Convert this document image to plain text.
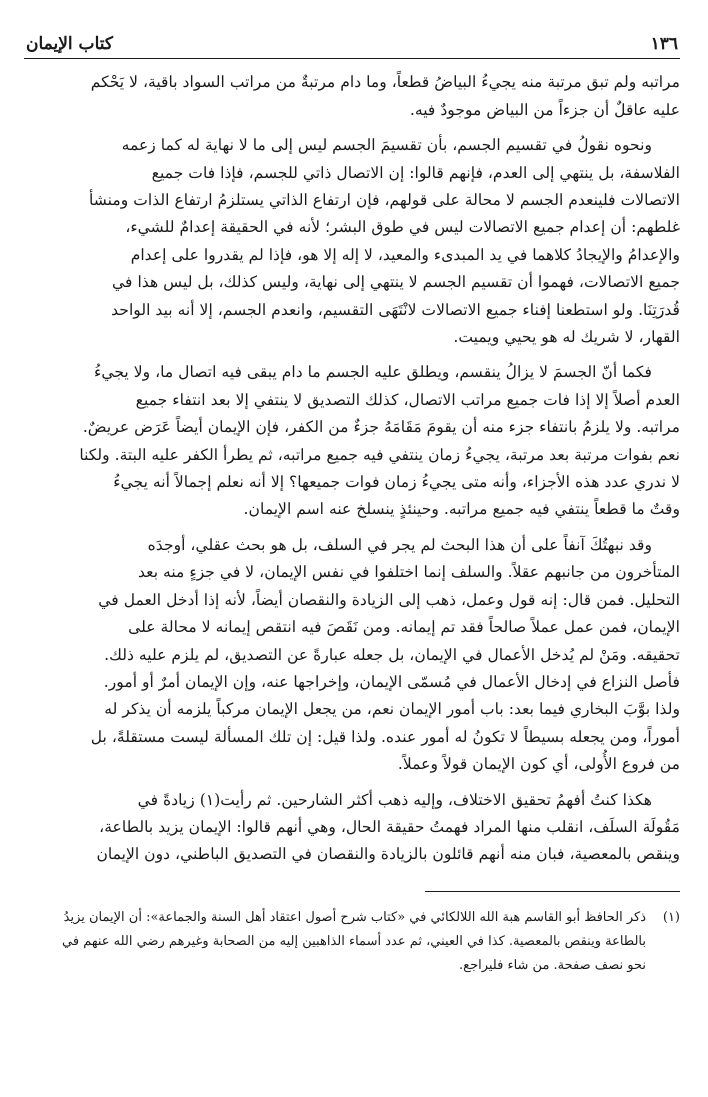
١٣٦
كتاب الإيمان

مراتبه ولم تبق مرتبة منه يجيءُ البياضُ قطعاً، وما دام مرتبةٌ من مراتب السواد باقية، لا يَحْكم
عليه عاقلٌ أن جزءاً من البياض موجودٌ فيه.

ونحوه نقولُ في تقسيم الجسم، بأن تقسيمَ الجسم ليس إلى ما لا نهاية له كما زعمه
الفلاسفة، بل ينتهي إلى العدم، فإنهم قالوا: إن الاتصال ذاتي للجسم، فإذا فات جميع
الاتصالات فلينعدم الجسم لا محالة على قولهم، فإن ارتفاع الذاتي يستلزمُ ارتفاع الذات ومنشأ
غلطهم: أن إعدام جميع الاتصالات ليس في طوق البشر؛ لأنه في الحقيقة إعدامٌ للشيء،
والإعدامُ والإيجادُ كلاهما في يد المبدىء والمعيد، لا إله إلا هو، فإذا لم يقدروا على إعدام
جميع الاتصالات، فهموا أن تقسيم الجسم لا ينتهي إلى نهاية، وليس كذلك، بل ليس هذا في
قُدرَتِنَا. ولو استطعنا إفناء جميع الاتصالات لانْتَهَى التقسيم، وانعدم الجسم، إلا أنه بيد الواحد
القهار، لا شريك له هو يحيي ويميت.

فكما أنّ الجسمَ لا يزالُ ينقسم، ويطلق عليه الجسم ما دام يبقى فيه اتصال ما، ولا يجيءُ
العدم أصلاً إلا إذا فات جميع مراتب الاتصال، كذلك التصديق لا ينتفي إلا بعد انتفاء جميع
مراتبه. ولا يلزمُ بانتفاء جزء منه أن يقومَ مَقَامَهُ جزءٌ من الكفر، فإن الإيمان أيضاً عَرَض عريضٌ.
نعم بفوات مرتبة بعد مرتبة، يجيءُ زمان ينتفي فيه جميع مراتبه، ثم يطرأ الكفر عليه البتة. ولكنا
لا ندري عدد هذه الأجزاء، وأنه متى يجيءُ زمان فوات جميعها؟ إلا أنه نعلم إجمالاً أنه يجيءُ
وقتٌ ما قطعاً ينتفي فيه جميع مراتبه. وحينئذٍ ينسلخ عنه اسم الإيمان.

وقد نبهتُكَ آنفاً على أن هذا البحث لم يجر في السلف، بل هو بحث عقلي، أوجدَه
المتأخرون من جانبهم عقلاً. والسلف إنما اختلفوا في نفس الإيمان، لا في جزءٍ منه بعد
التحليل. فمن قال: إنه قول وعمل، ذهب إلى الزيادة والنقصان أيضاً، لأنه إذا أدخل العمل في
الإيمان، فمن عمل عملاً صالحاً فقد تم إيمانه. ومن نَقَصَ فيه انتقص إيمانه لا محالة على
تحقيقه. ومَنْ لم يُدخل الأعمال في الإيمان، بل جعله عبارةً عن التصديق، لم يلزم عليه ذلك.
فأصل النزاع في إدخال الأعمال في مُسمّى الإيمان، وإخراجها عنه، وإن الإيمان أمرٌ أو أمور.
ولذا بوَّبَ البخاري فيما بعد: باب أمور الإيمان نعم، من يجعل الإيمان مركباً يلزمه أن يذكر له
أموراً، ومن يجعله بسيطاً لا تكونُ له أمور عنده. ولذا قيل: إن تلك المسألة ليست مستقلةً، بل
من فروع الأُولى، أي كون الإيمان قولاً وعملاً.

هكذا كنتُ أفهمُ تحقيق الاختلاف، وإليه ذهب أكثر الشارحين. ثم رأيت(١) زيادةً في
مَقُولَة السلَف، انقلب منها المراد فهمتُ حقيقة الحال، وهي أنهم قالوا: الإيمان يزيد بالطاعة،
وينقص بالمعصية، فبان منه أنهم قائلون بالزيادة والنقصان في التصديق الباطني، دون الإيمان

(١)
ذكر الحافظ أبو القاسم هبة الله اللالكائي في «كتاب شرح أصول اعتقاد أهل السنة والجماعة»: أن الإيمان يزيدُ
بالطاعة وينقص بالمعصية. كذا في العيني، ثم عدد أسماء الذاهبين إليه من الصحابة وغيرهم رضي الله عنهم في
نحو نصف صفحة. من شاء فليراجع.
